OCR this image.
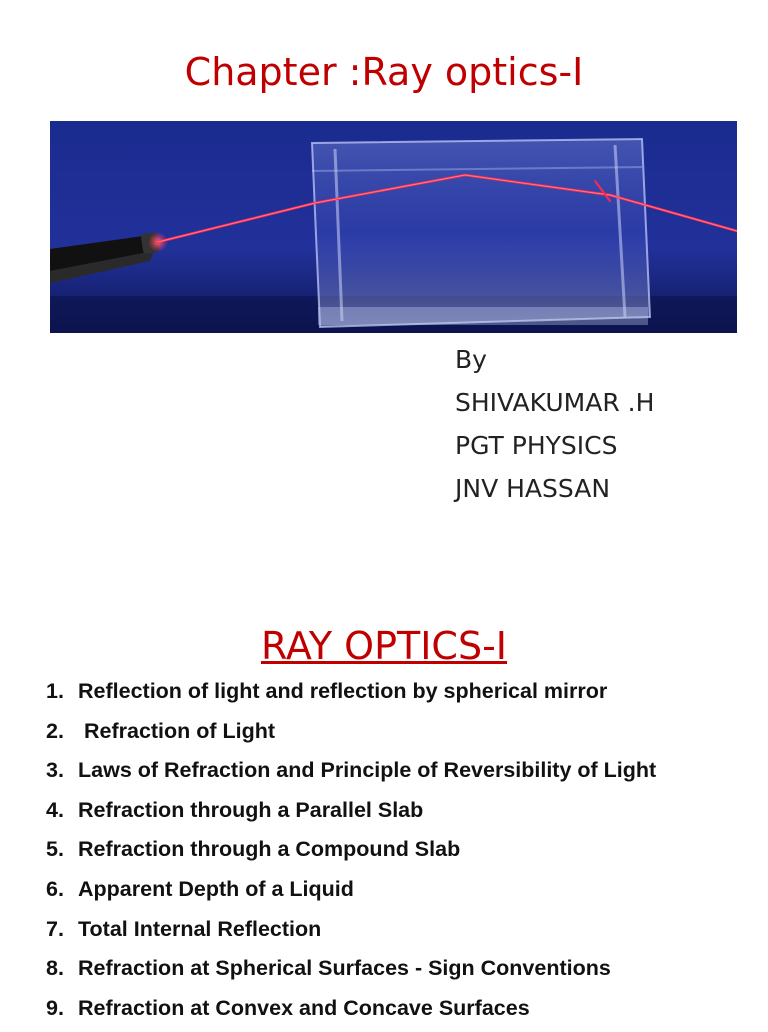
Chapter :Ray optics-I
By
SHIVAKUMAR .H
PGT PHYSICS
JNV HASSAN
RAY OPTICS-I
1. Reflection of light and reflection by spherical mirror
2. Refraction of Light
3. Laws of Refraction and Principle of Reversibility of Light
4. Refraction through a Parallel Slab
5. Refraction through a Compound Slab
6. Apparent Depth of a Liquid
7. Total Internal Reflection
8. Refraction at Spherical Surfaces - Sign Conventions
9. Refraction at Convex and Concave Surfaces
